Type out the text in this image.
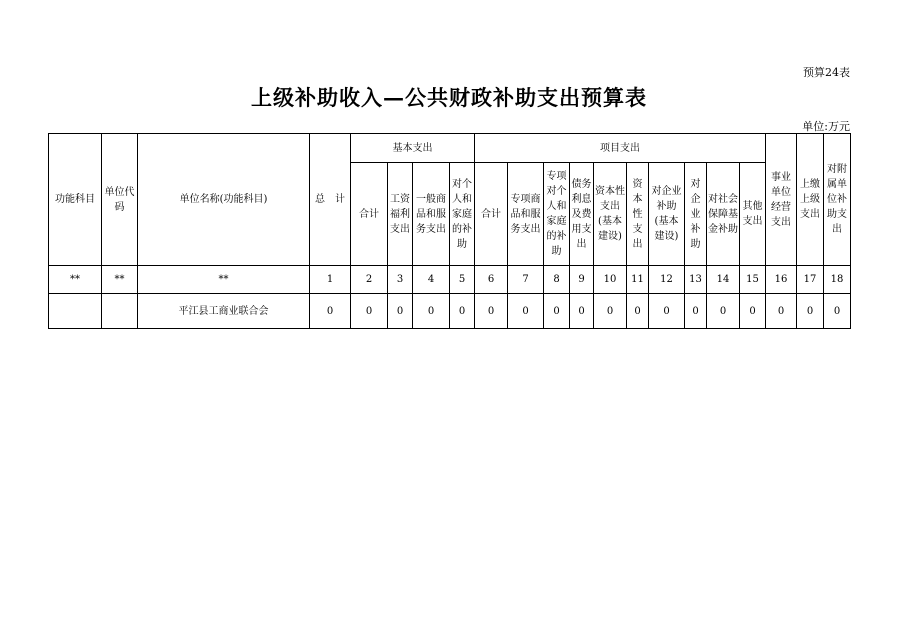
预算24表
上级补助收入—公共财政补助支出预算表
单位:万元
功能科目	单位代码	单位名称(功能科目)	总　计	基本支出				项目支出										事业单位经营支出	上缴上级支出	对附属单位补助支出
				合计	工资福利支出	一般商品和服务支出	对个人和家庭的补助	合计	专项商品和服务支出	专项对个人和家庭的补助	债务利息及费用支出	资本性支出(基本建设)	资本性支出	对企业补助(基本建设)	对企业补助	对社会保障基金补助	其他支出			
**	**	**	1	2	3	4	5	6	7	8	9	10	11	12	13	14	15	16	17	18
		平江县工商业联合会	0	0	0	0	0	0	0	0	0	0	0	0	0	0	0	0	0	0
